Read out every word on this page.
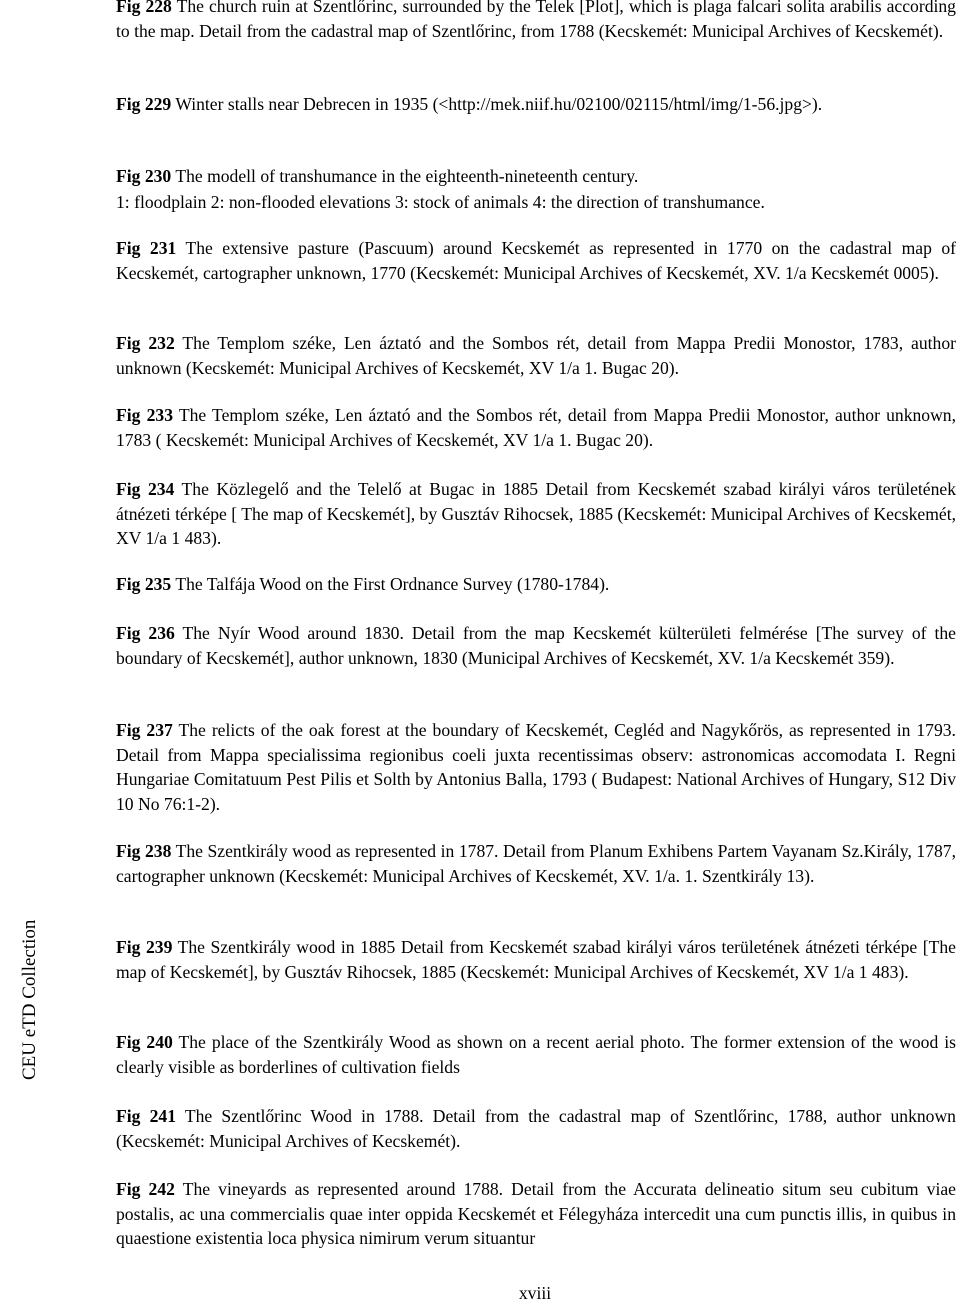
CEU eTD Collection
Fig 228 The church ruin at Szentlőrinc, surrounded by the Telek [Plot], which is plaga falcari solita arabilis according to the map. Detail from the cadastral map of Szentlőrinc, from 1788 (Kecskemét: Municipal Archives of Kecskemét).
Fig 229 Winter stalls near Debrecen in 1935 (<http://mek.niif.hu/02100/02115/html/img/1-56.jpg>).
Fig 230 The modell of transhumance in the eighteenth-nineteenth century.
1: floodplain 2: non-flooded elevations 3: stock of animals 4: the direction of transhumance.
Fig 231 The extensive pasture (Pascuum) around Kecskemét as represented in 1770 on the cadastral map of Kecskemét, cartographer unknown, 1770 (Kecskemét: Municipal Archives of Kecskemét, XV. 1/a Kecskemét 0005).
Fig 232 The Templom széke, Len áztató and the Sombos rét, detail from Mappa Predii Monostor, 1783, author unknown (Kecskemét: Municipal Archives of Kecskemét, XV 1/a 1. Bugac 20).
Fig 233 The Templom széke, Len áztató and the Sombos rét, detail from Mappa Predii Monostor, author unknown, 1783 ( Kecskemét: Municipal Archives of Kecskemét, XV 1/a 1. Bugac 20).
Fig 234 The Közlegelő and the Telelő at Bugac in 1885 Detail from Kecskemét szabad királyi város területének átnézeti térképe [ The map of Kecskemét], by Gusztáv Rihocsek, 1885 (Kecskemét: Municipal Archives of Kecskemét, XV 1/a 1 483).
Fig 235 The Talfája Wood on the First Ordnance Survey (1780-1784).
Fig 236 The Nyír Wood around 1830. Detail from the map Kecskemét külterületi felmérése [The survey of the boundary of Kecskemét], author unknown, 1830 (Municipal Archives of Kecskemét, XV. 1/a Kecskemét 359).
Fig 237 The relicts of the oak forest at the boundary of Kecskemét, Cegléd and Nagykőrös, as represented in 1793. Detail from Mappa specialissima regionibus coeli juxta recentissimas observ: astronomicas accomodata I. Regni Hungariae Comitatuum Pest Pilis et Solth by Antonius Balla, 1793 ( Budapest: National Archives of Hungary, S12 Div 10 No 76:1-2).
Fig 238 The Szentkirály wood as represented in 1787. Detail from Planum Exhibens Partem Vayanam Sz.Király, 1787, cartographer unknown (Kecskemét: Municipal Archives of Kecskemét, XV. 1/a. 1. Szentkirály 13).
Fig 239 The Szentkirály wood in 1885 Detail from Kecskemét szabad királyi város területének átnézeti térképe [The map of Kecskemét], by Gusztáv Rihocsek, 1885 (Kecskemét: Municipal Archives of Kecskemét, XV 1/a 1 483).
Fig 240 The place of the Szentkirály Wood as shown on a recent aerial photo. The former extension of the wood is clearly visible as borderlines of cultivation fields
Fig 241 The Szentlőrinc Wood in 1788. Detail from the cadastral map of Szentlőrinc, 1788, author unknown (Kecskemét: Municipal Archives of Kecskemét).
Fig 242 The vineyards as represented around 1788. Detail from the Accurata delineatio situm seu cubitum viae postalis, ac una commercialis quae inter oppida Kecskemét et Félegyháza intercedit una cum punctis illis, in quibus in quaestione existentia loca physica nimirum verum situantur
xviii
